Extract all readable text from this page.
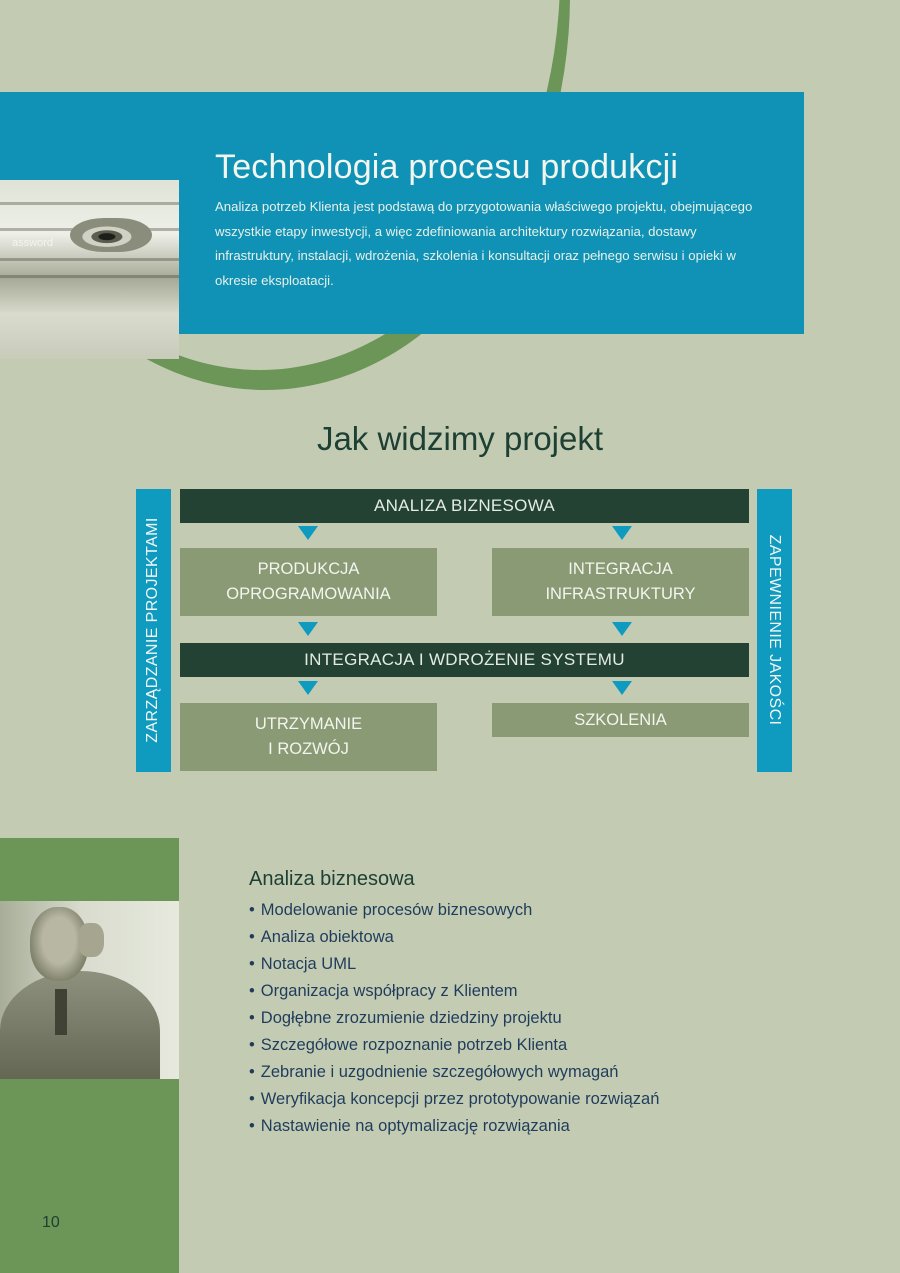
assword
Technologia procesu produkcji

Analiza potrzeb Klienta jest podstawą do przygotowania właściwego projektu, obejmującego wszystkie etapy inwestycji, a więc zdefiniowania architektury rozwiązania, dostawy infrastruktury, instalacji, wdrożenia, szkolenia i konsultacji oraz pełnego serwisu i opieki w okresie eksploatacji.

Jak widzimy projekt
ZARZĄDZANIE PROJEKTAMI	ZAPEWNIENIE JAKOŚCI
ANALIZA BIZNESOWA
PRODUKCJA
OPROGRAMOWANIA
INTEGRACJA
INFRASTRUKTURY
INTEGRACJA I WDROŻENIE SYSTEMU
UTRZYMANIE
I ROZWÓJ
SZKOLENIA
Analiza biznesowa
• Modelowanie procesów biznesowych
• Analiza obiektowa
• Notacja UML
• Organizacja współpracy z Klientem
• Dogłębne zrozumienie dziedziny projektu
• Szczegółowe rozpoznanie potrzeb Klienta
• Zebranie i uzgodnienie szczegółowych wymagań
• Weryfikacja koncepcji przez prototypowanie rozwiązań
• Nastawienie na optymalizację rozwiązania
10
